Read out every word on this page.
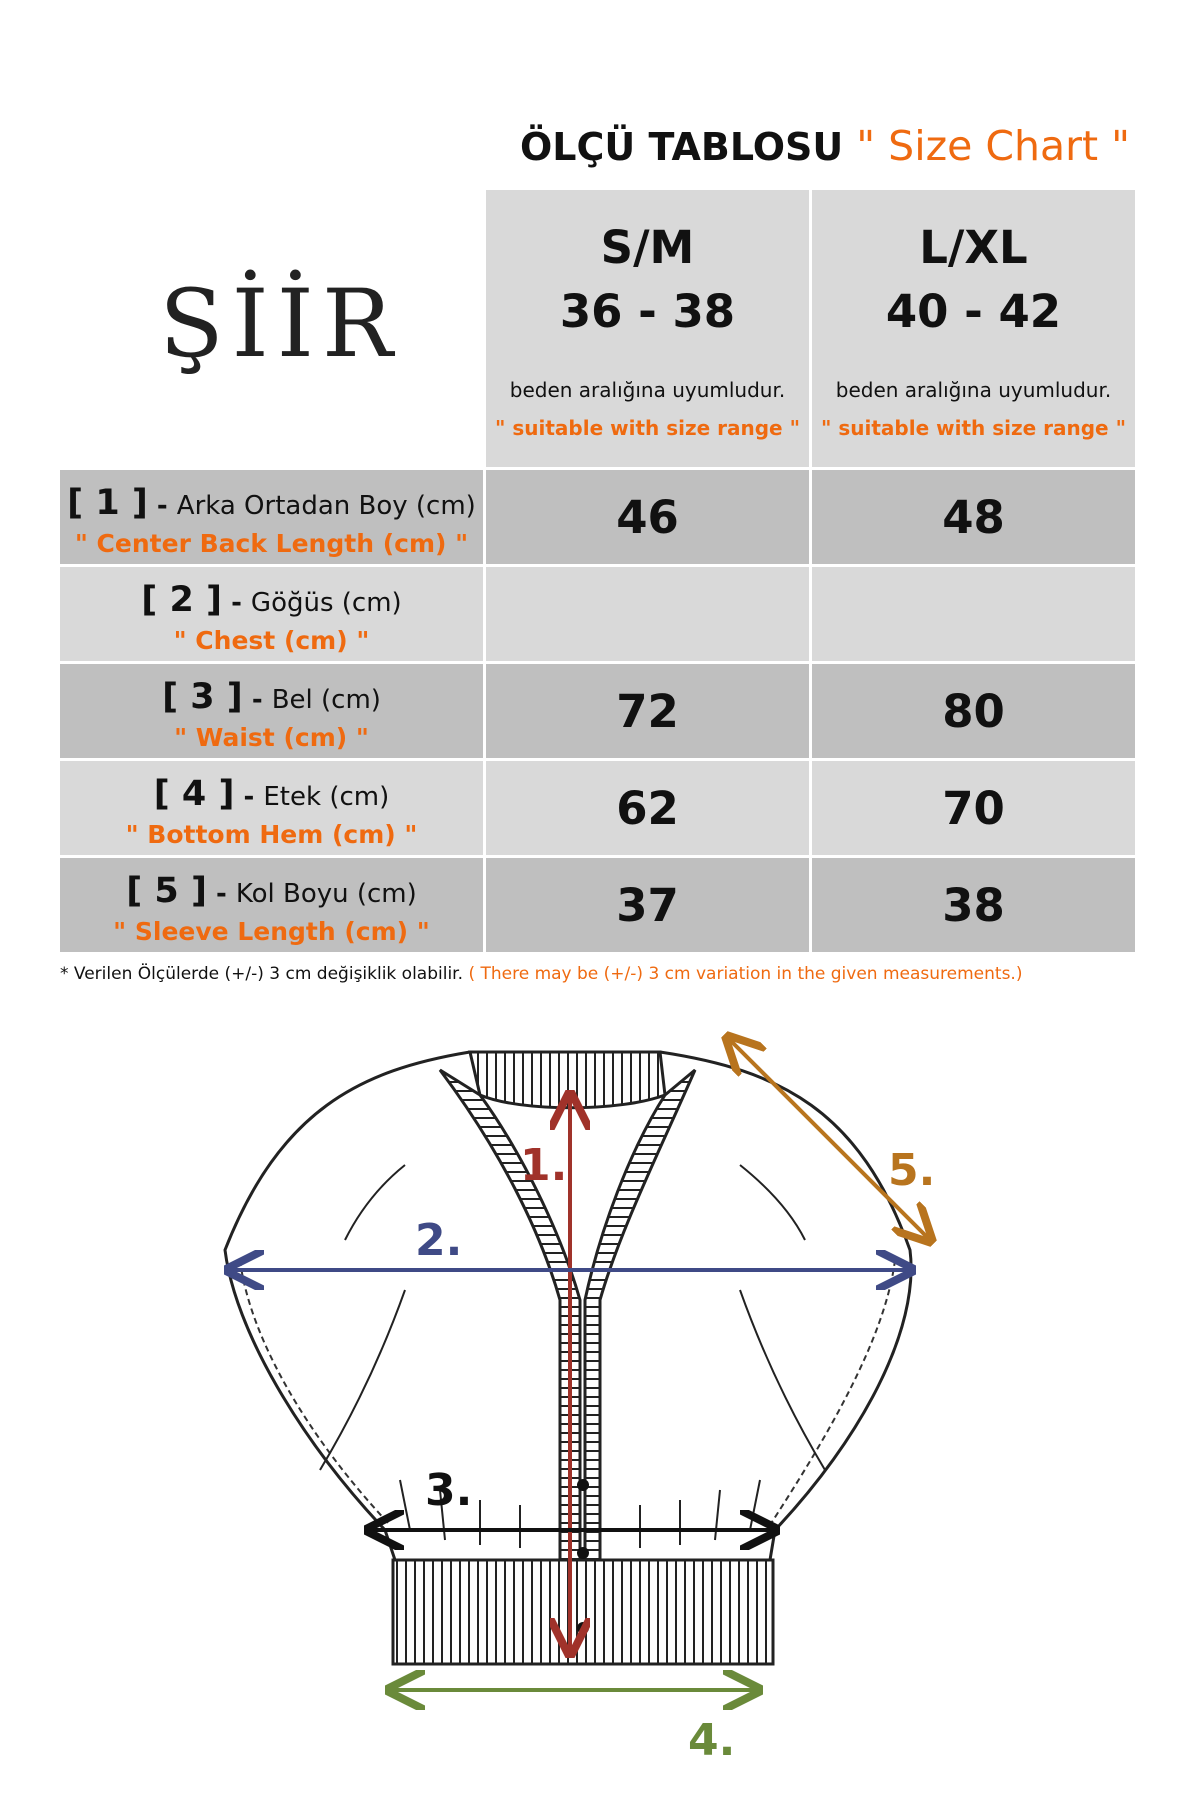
ÖLÇÜ TABLOSU " Size Chart "
ŞİİR
S/M
36 - 38
beden aralığına uyumludur.
" suitable with size range "
L/XL
40 - 42
beden aralığına uyumludur.
" suitable with size range "
[ 1 ] - Arka Ortadan Boy (cm)
" Center Back Length (cm) "	46	48
[ 2 ] - Göğüs (cm)
" Chest (cm) "
[ 3 ] - Bel (cm)
" Waist (cm) "	72	80
[ 4 ] - Etek (cm)
" Bottom Hem (cm) "	62	70
[ 5 ] - Kol Boyu (cm)
" Sleeve Length (cm) "	37	38
* Verilen Ölçülerde (+/-) 3 cm değişiklik olabilir. ( There may be (+/-) 3 cm variation in the given measurements.)
1.
2.
3.
4.
5.
